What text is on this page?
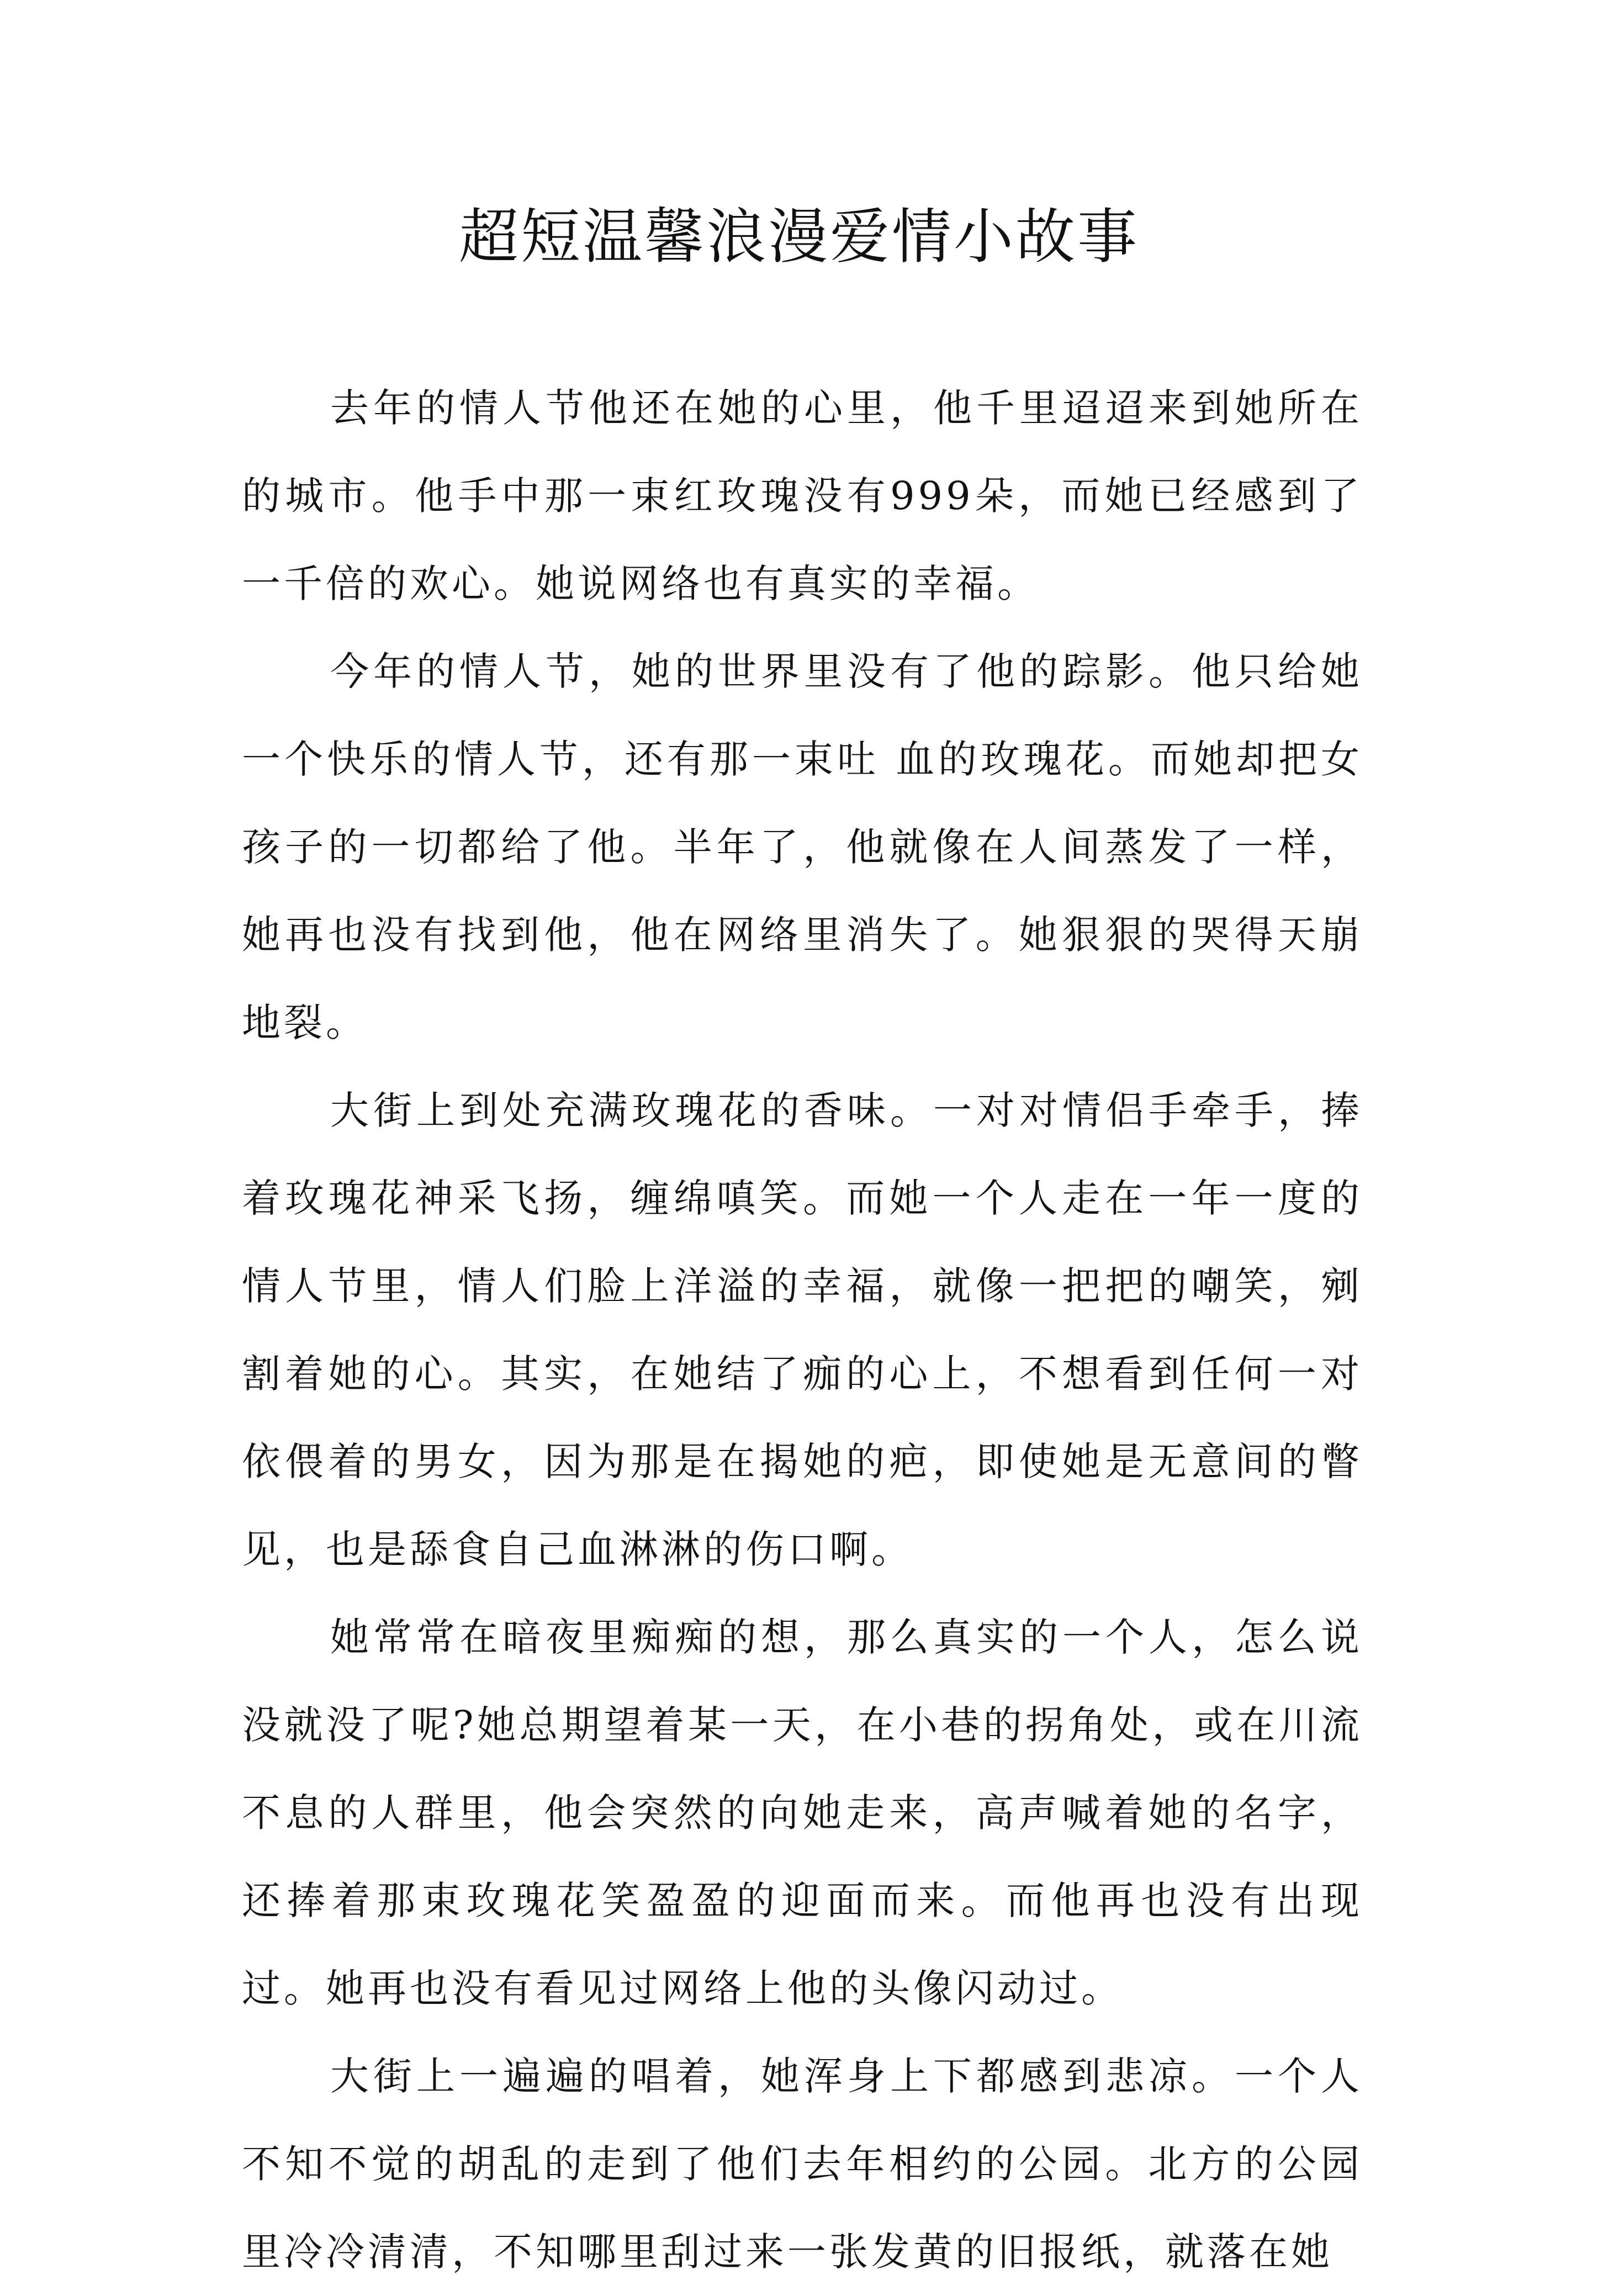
超短温馨浪漫爱情小故事

去年的情人节他还在她的心里，他千里迢迢来到她所在的城市。他手中那一束红玫瑰没有999朵，而她已经感到了一千倍的欢心。她说网络也有真实的幸福。

今年的情人节，她的世界里没有了他的踪影。他只给她一个快乐的情人节，还有那一束吐 血的玫瑰花。而她却把女孩子的一切都给了他。半年了，他就像在人间蒸发了一样，她再也没有找到他，他在网络里消失了。她狠狠的哭得天崩地裂。

大街上到处充满玫瑰花的香味。一对对情侣手牵手，捧着玫瑰花神采飞扬，缠绵嗔笑。而她一个人走在一年一度的情人节里，情人们脸上洋溢的幸福，就像一把把的嘲笑，剜割着她的心。其实，在她结了痂的心上，不想看到任何一对依偎着的男女，因为那是在揭她的疤，即使她是无意间的瞥见，也是舔食自己血淋淋的伤口啊。

她常常在暗夜里痴痴的想，那么真实的一个人，怎么说没就没了呢?她总期望着某一天，在小巷的拐角处，或在川流不息的人群里，他会突然的向她走来，高声喊着她的名字，还捧着那束玫瑰花笑盈盈的迎面而来。而他再也没有出现过。她再也没有看见过网络上他的头像闪动过。

大街上一遍遍的唱着，她浑身上下都感到悲凉。一个人不知不觉的胡乱的走到了他们去年相约的公园。北方的公园里冷冷清清，不知哪里刮过来一张发黄的旧报纸，就落在她
